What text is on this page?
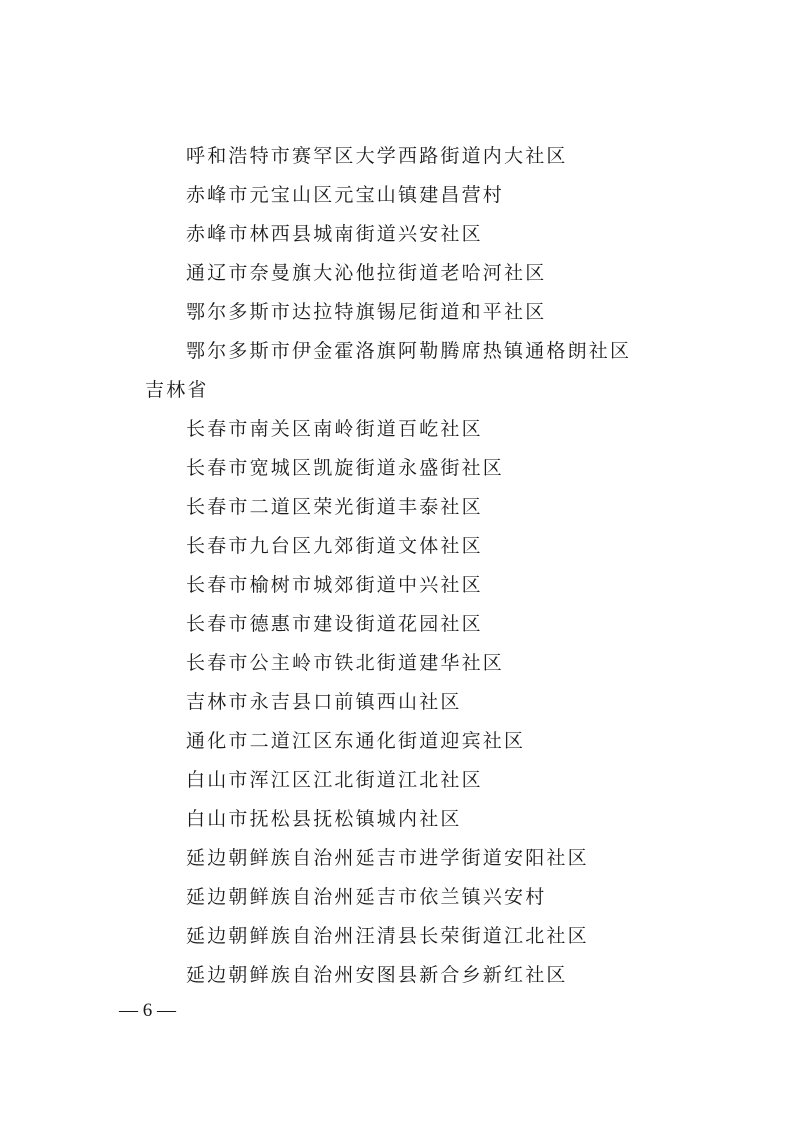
呼和浩特市赛罕区大学西路街道内大社区
赤峰市元宝山区元宝山镇建昌营村
赤峰市林西县城南街道兴安社区
通辽市奈曼旗大沁他拉街道老哈河社区
鄂尔多斯市达拉特旗锡尼街道和平社区
鄂尔多斯市伊金霍洛旗阿勒腾席热镇通格朗社区
吉林省
长春市南关区南岭街道百屹社区
长春市宽城区凯旋街道永盛街社区
长春市二道区荣光街道丰泰社区
长春市九台区九郊街道文体社区
长春市榆树市城郊街道中兴社区
长春市德惠市建设街道花园社区
长春市公主岭市铁北街道建华社区
吉林市永吉县口前镇西山社区
通化市二道江区东通化街道迎宾社区
白山市浑江区江北街道江北社区
白山市抚松县抚松镇城内社区
延边朝鲜族自治州延吉市进学街道安阳社区
延边朝鲜族自治州延吉市依兰镇兴安村
延边朝鲜族自治州汪清县长荣街道江北社区
延边朝鲜族自治州安图县新合乡新红社区
— 6 —
